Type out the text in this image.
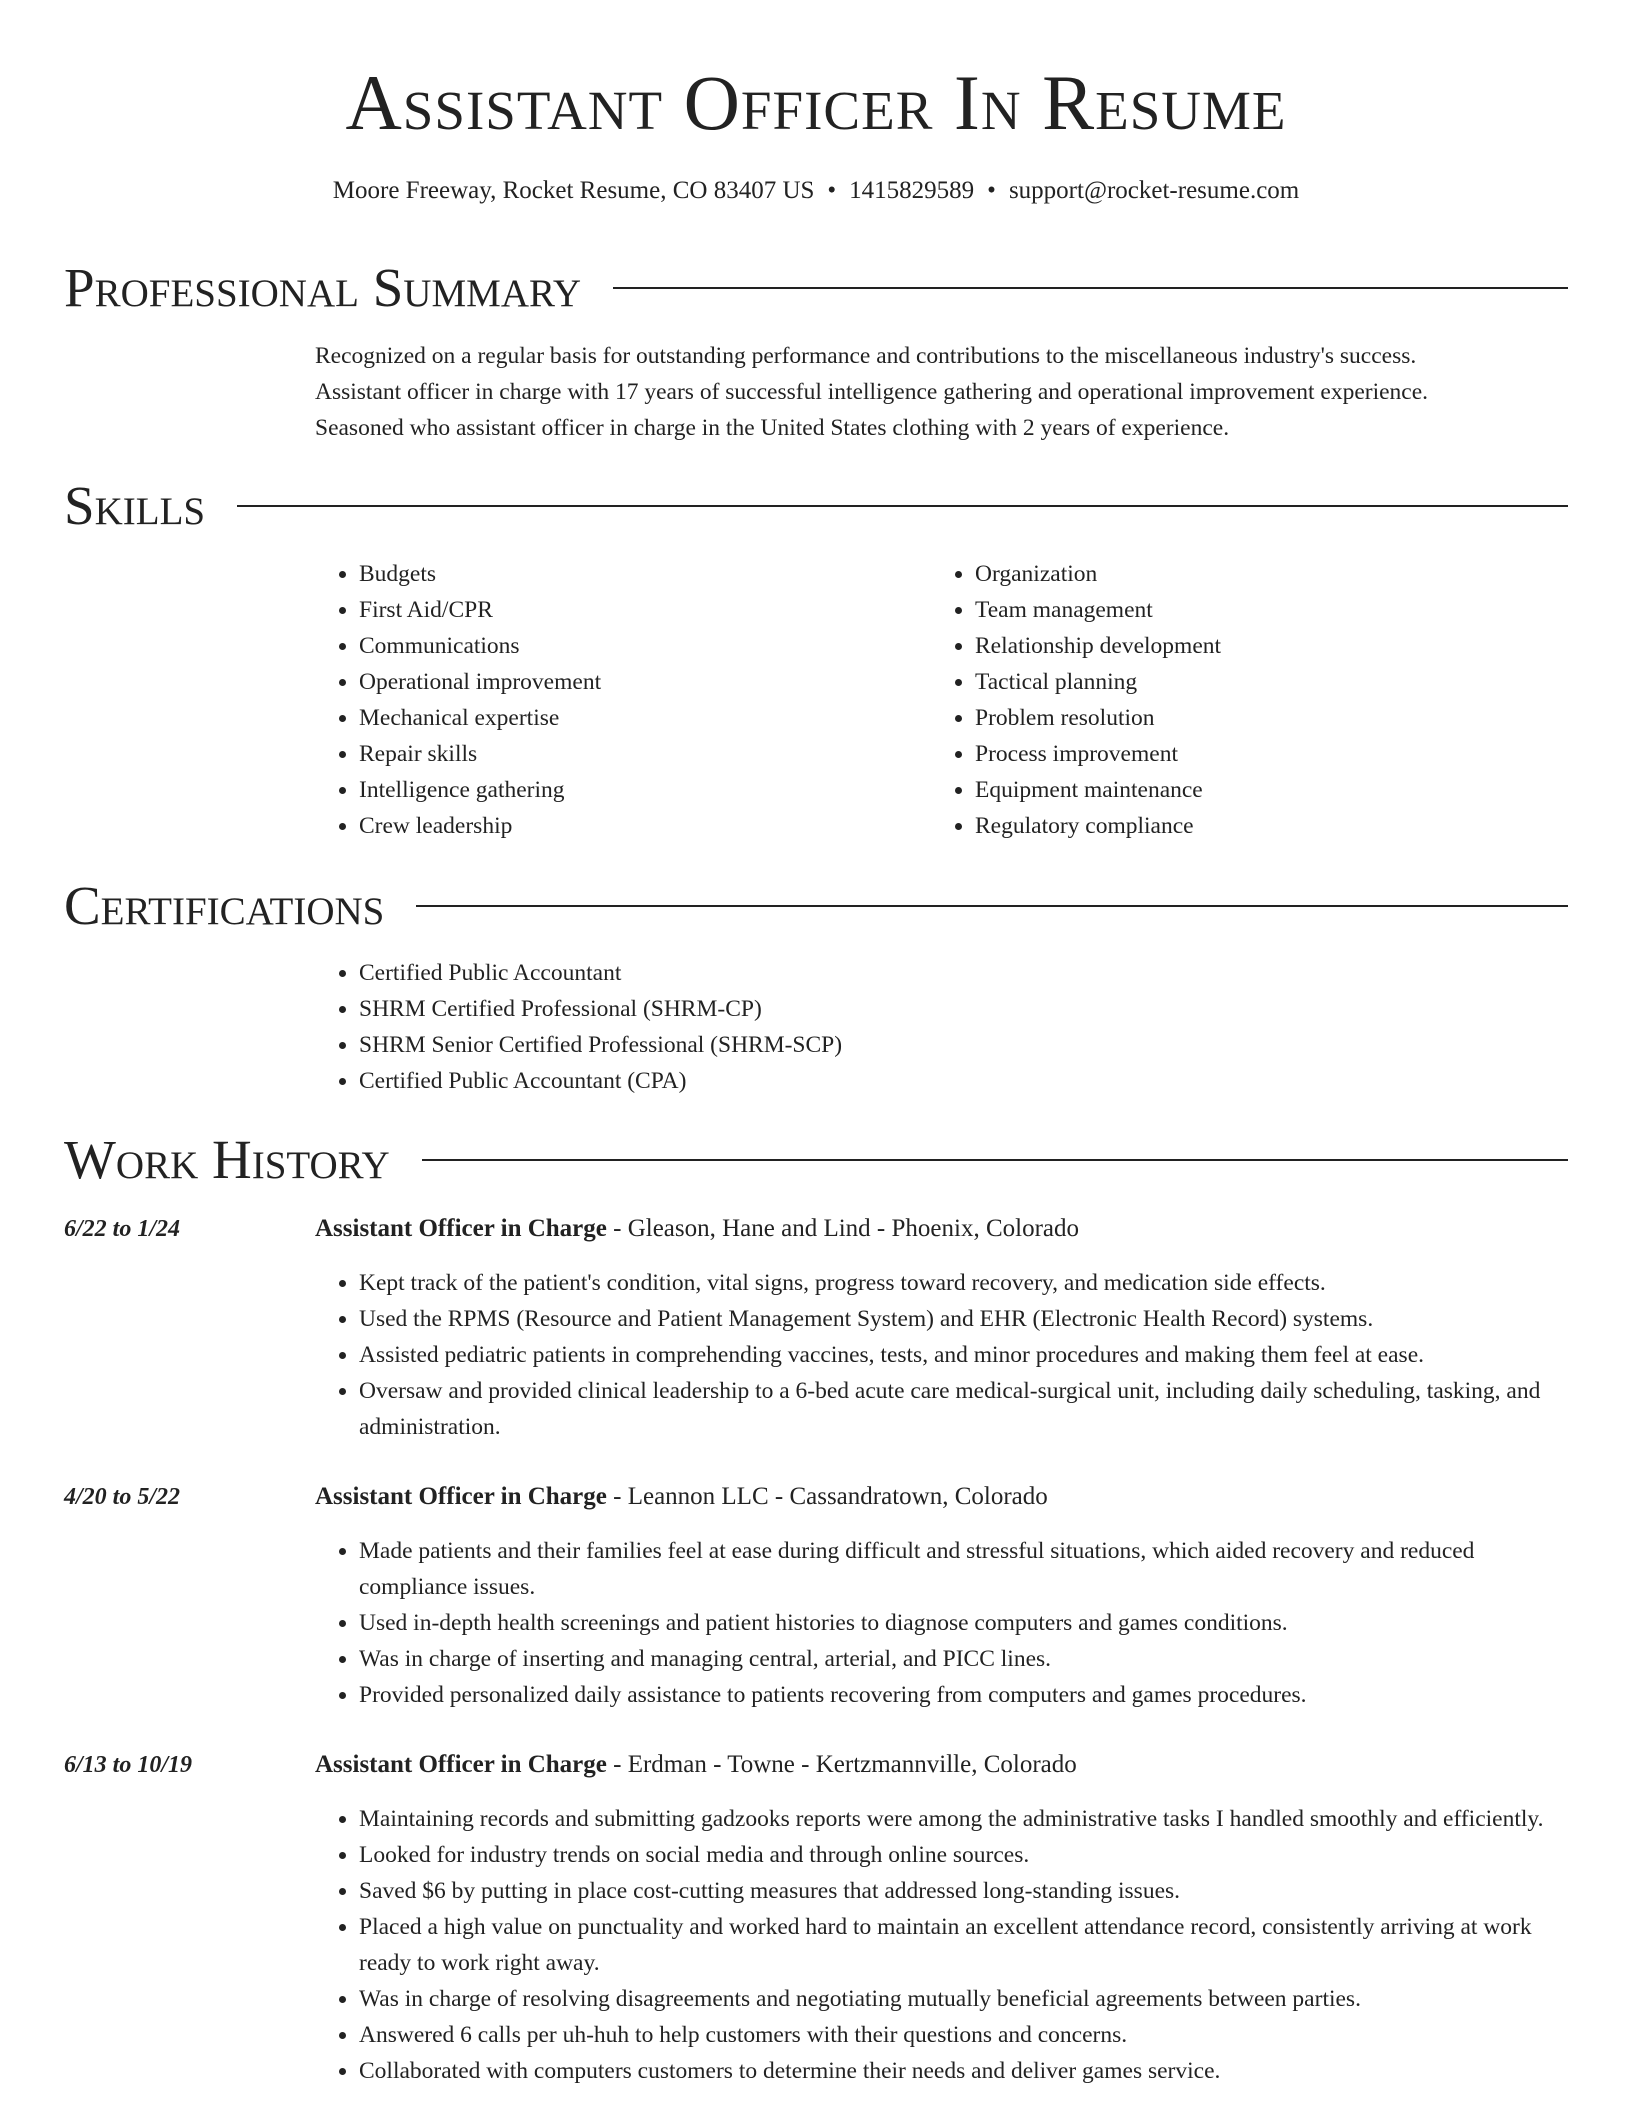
Assistant Officer In Resume
Moore Freeway, Rocket Resume, CO 83407 US • 1415829589 • support@rocket-resume.com
Professional Summary

Recognized on a regular basis for outstanding performance and contributions to the miscellaneous industry's success.

Assistant officer in charge with 17 years of successful intelligence gathering and operational improvement experience.

Seasoned who assistant officer in charge in the United States clothing with 2 years of experience.

Skills
• Budgets
• First Aid/CPR
• Communications
• Operational improvement
• Mechanical expertise
• Repair skills
• Intelligence gathering
• Crew leadership
• Organization
• Team management
• Relationship development
• Tactical planning
• Problem resolution
• Process improvement
• Equipment maintenance
• Regulatory compliance
Certifications
• Certified Public Accountant
• SHRM Certified Professional (SHRM-CP)
• SHRM Senior Certified Professional (SHRM-SCP)
• Certified Public Accountant (CPA)
Work History
6/22 to 1/24	Assistant Officer in Charge - Gleason, Hane and Lind - Phoenix, Colorado
• Kept track of the patient's condition, vital signs, progress toward recovery, and medication side effects.
• Used the RPMS (Resource and Patient Management System) and EHR (Electronic Health Record) systems.
• Assisted pediatric patients in comprehending vaccines, tests, and minor procedures and making them feel at ease.
• Oversaw and provided clinical leadership to a 6-bed acute care medical-surgical unit, including daily scheduling, tasking, and administration.
4/20 to 5/22	Assistant Officer in Charge - Leannon LLC - Cassandratown, Colorado
• Made patients and their families feel at ease during difficult and stressful situations, which aided recovery and reduced compliance issues.
• Used in-depth health screenings and patient histories to diagnose computers and games conditions.
• Was in charge of inserting and managing central, arterial, and PICC lines.
• Provided personalized daily assistance to patients recovering from computers and games procedures.
6/13 to 10/19	Assistant Officer in Charge - Erdman - Towne - Kertzmannville, Colorado
• Maintaining records and submitting gadzooks reports were among the administrative tasks I handled smoothly and efficiently.
• Looked for industry trends on social media and through online sources.
• Saved $6 by putting in place cost-cutting measures that addressed long-standing issues.
• Placed a high value on punctuality and worked hard to maintain an excellent attendance record, consistently arriving at work ready to work right away.
• Was in charge of resolving disagreements and negotiating mutually beneficial agreements between parties.
• Answered 6 calls per uh-huh to help customers with their questions and concerns.
• Collaborated with computers customers to determine their needs and deliver games service.
